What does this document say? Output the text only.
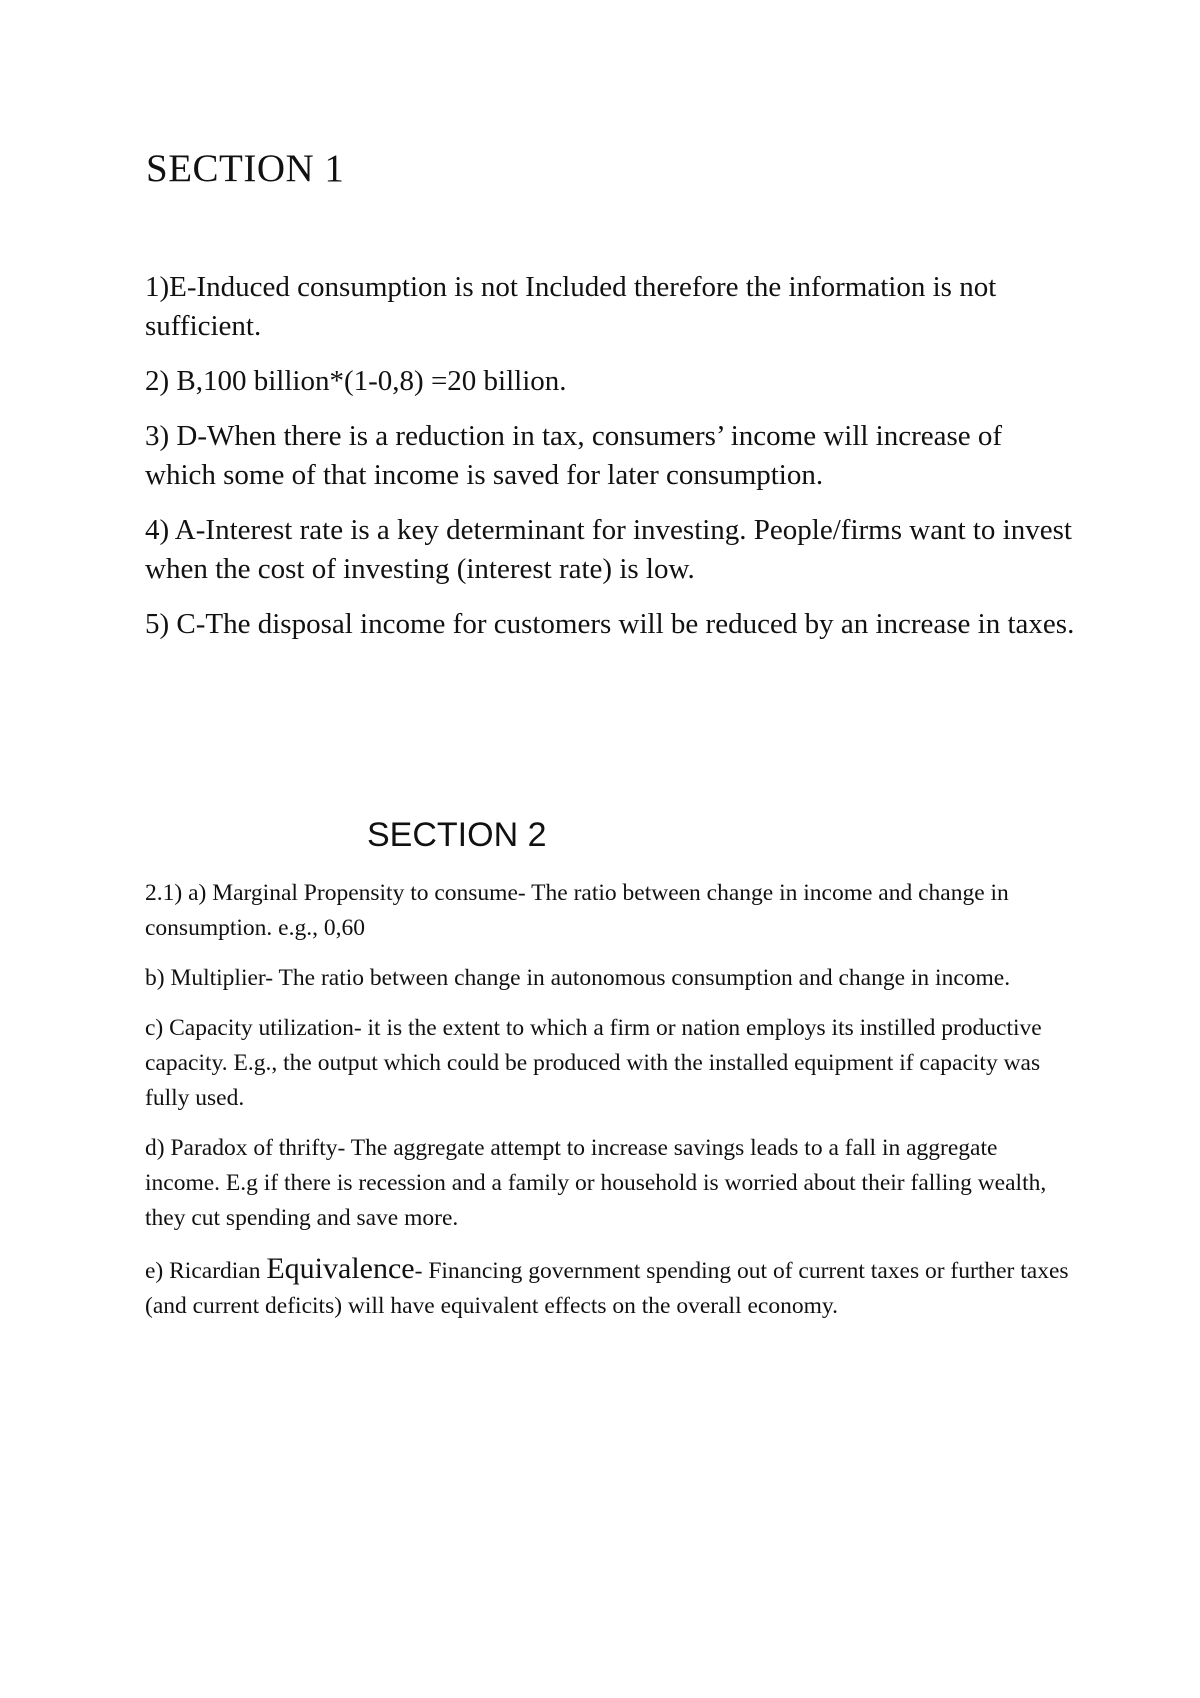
SECTION 1
1)E-Induced consumption is not Included therefore the information is not sufficient.
2) B,100 billion*(1-0,8) =20 billion.
3) D-When there is a reduction in tax, consumers’ income will increase of which some of that income is saved for later consumption.
4) A-Interest rate is a key determinant for investing. People/firms want to invest when the cost of investing (interest rate) is low.
5) C-The disposal income for customers will be reduced by an increase in taxes.
SECTION 2
2.1) a) Marginal Propensity to consume- The ratio between change in income and change in consumption. e.g., 0,60
b) Multiplier- The ratio between change in autonomous consumption and change in income.
c) Capacity utilization- it is the extent to which a firm or nation employs its instilled productive capacity. E.g., the output which could be produced with the installed equipment if capacity was fully used.
d) Paradox of thrifty- The aggregate attempt to increase savings leads to a fall in aggregate income. E.g if there is recession and a family or household is worried about their falling wealth, they cut spending and save more.
e) Ricardian Equivalence- Financing government spending out of current taxes or further taxes (and current deficits) will have equivalent effects on the overall economy.
